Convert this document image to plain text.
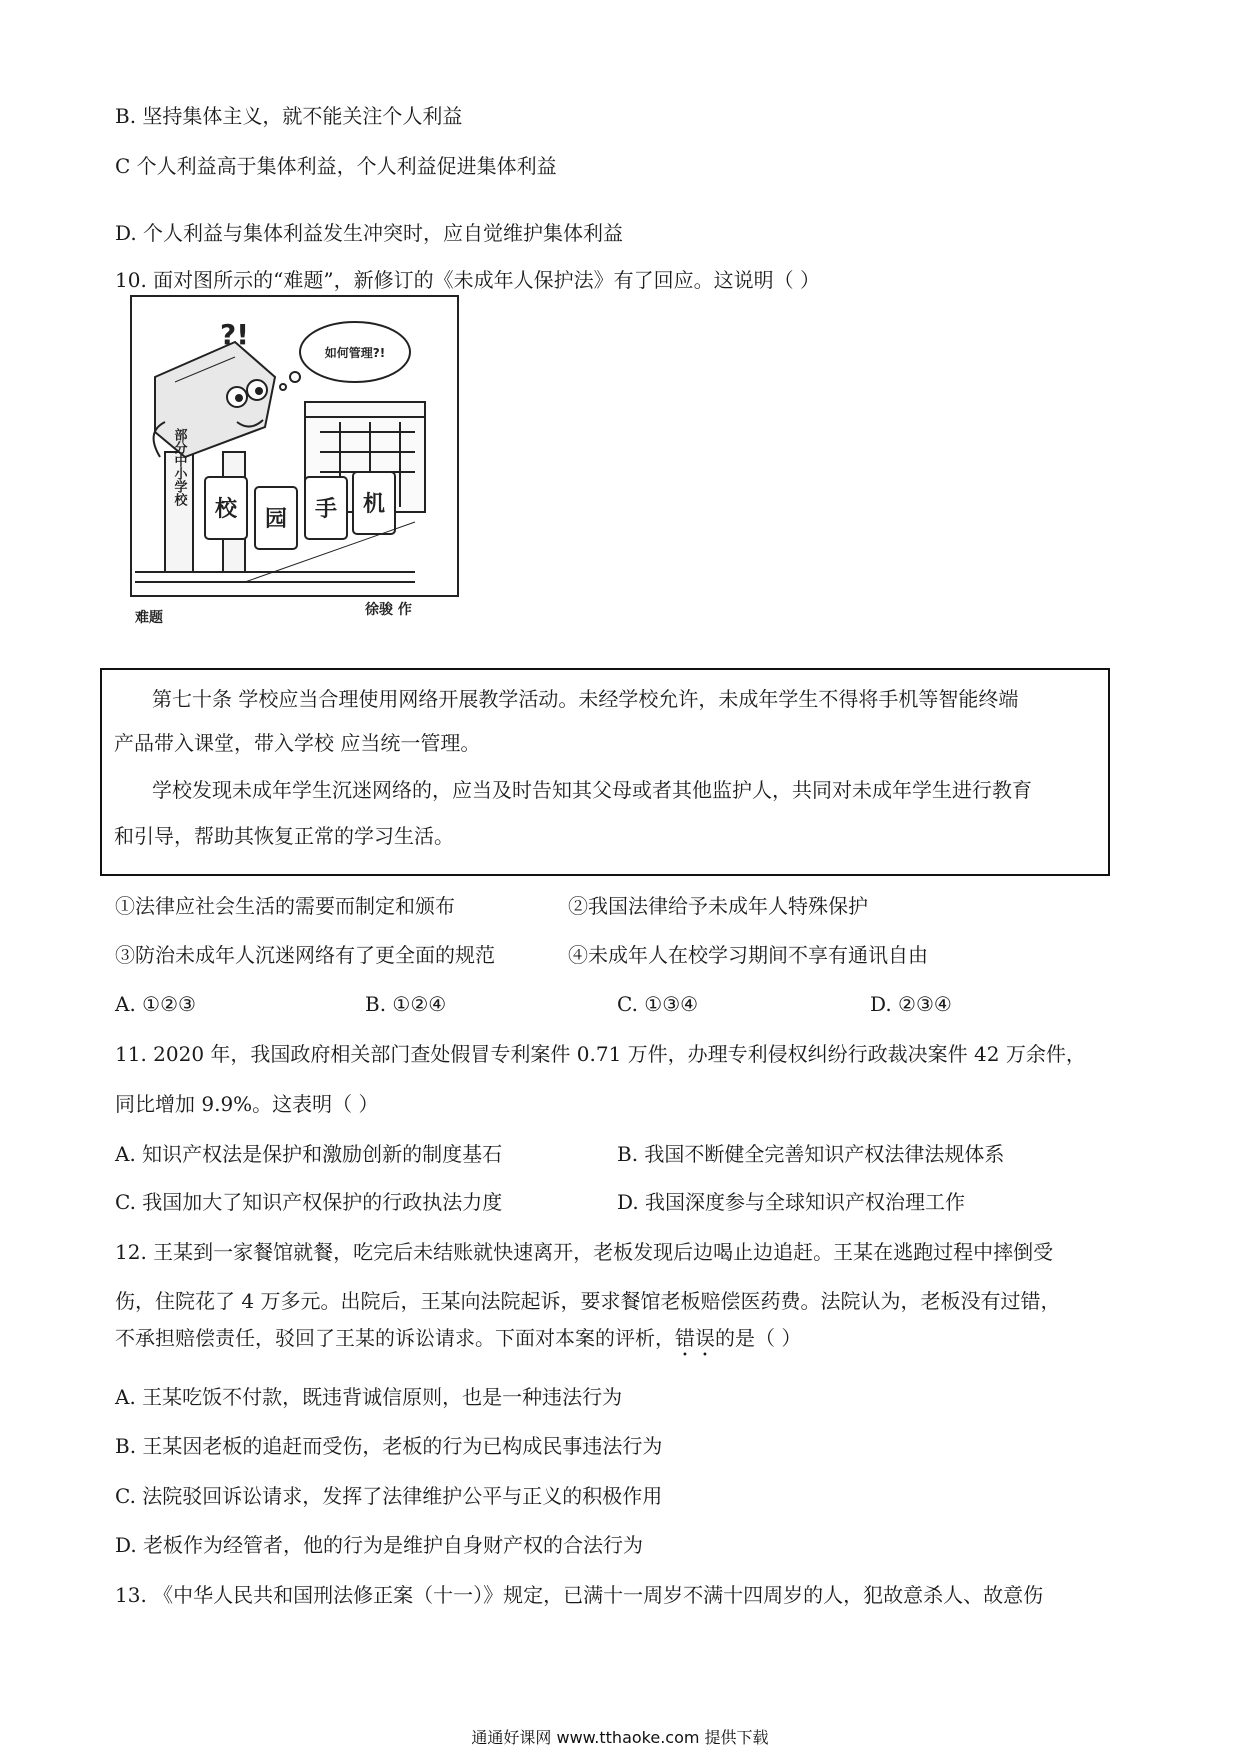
B. 坚持集体主义，就不能关注个人利益
C 个人利益高于集体利益，个人利益促进集体利益
D. 个人利益与集体利益发生冲突时，应自觉维护集体利益
10. 面对图所示的“难题”，新修订的《未成年人保护法》有了回应。这说明（ ）
?!
如何管理?!
部分中小学校
校 园 手 机
难题	徐骏 作
第七十条 学校应当合理使用网络开展教学活动。未经学校允许，未成年学生不得将手机等智能终端
产品带入课堂，带入学校 应当统一管理。
学校发现未成年学生沉迷网络的，应当及时告知其父母或者其他监护人，共同对未成年学生进行教育
和引导，帮助其恢复正常的学习生活。
①法律应社会生活的需要而制定和颁布	②我国法律给予未成年人特殊保护
③防治未成年人沉迷网络有了更全面的规范	④未成年人在校学习期间不享有通讯自由
A. ①②③	B. ①②④	C. ①③④	D. ②③④
11. 2020 年，我国政府相关部门查处假冒专利案件 0.71 万件，办理专利侵权纠纷行政裁决案件 42 万余件，
同比增加 9.9%。这表明（ ）
A. 知识产权法是保护和激励创新的制度基石	B. 我国不断健全完善知识产权法律法规体系
C. 我国加大了知识产权保护的行政执法力度	D. 我国深度参与全球知识产权治理工作
12. 王某到一家餐馆就餐，吃完后未结账就快速离开，老板发现后边喝止边追赶。王某在逃跑过程中摔倒受
伤，住院花了 4 万多元。出院后，王某向法院起诉，要求餐馆老板赔偿医药费。法院认为，老板没有过错，
不承担赔偿责任，驳回了王某的诉讼请求。下面对本案的评析，错误的是（ ）
A. 王某吃饭不付款，既违背诚信原则，也是一种违法行为
B. 王某因老板的追赶而受伤，老板的行为已构成民事违法行为
C. 法院驳回诉讼请求，发挥了法律维护公平与正义的积极作用
D. 老板作为经管者，他的行为是维护自身财产权的合法行为
13. 《中华人民共和国刑法修正案（十一）》规定，已满十一周岁不满十四周岁的人，犯故意杀人、故意伤
通通好课网 www.tthaoke.com 提供下载
